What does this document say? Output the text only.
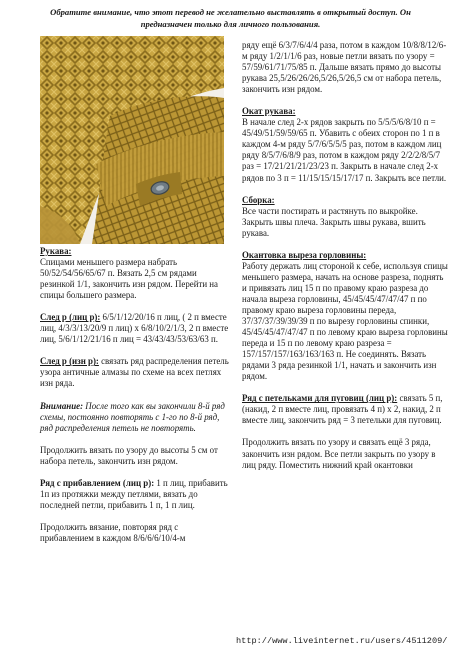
Обратите внимание, что этот перевод не желательно выставлять в открытый доступ. Он
предназначен только для личного пользования.

Рукава:

Спицами меньшего размера набрать 50/52/54/56/65/67 п. Вязать 2,5 см рядами резинкой 1/1, закончить изн рядом. Перейти на спицы большего размера.

След р (лиц р): 6/5/1/12/20/16 п лиц, ( 2 п вместе лиц, 4/3/3/13/20/9 п лиц) х 6/8/10/2/1/3, 2 п вместе лиц, 5/6/1/12/21/16 п лиц = 43/43/43/53/63/63 п.

След р (изн р): связать ряд распределения петель узора античные алмазы по схеме на всех петлях изн ряда.

Внимание: После того как вы закончили 8-й ряд схемы, постоянно повторять с 1-го по 8-й ряд, ряд распределения петель не повторять.

Продолжить вязать по узору до высоты 5 см от набора петель, закончить изн рядом.

Ряд с прибавлением (лиц р): 1 п лиц, прибавить 1п из протяжки между петлями, вязать до последней петли, прибавить 1 п, 1 п лиц.

Продолжить вязание, повторяя ряд с прибавлением в каждом 8/6/6/6/10/4-м

ряду ещё 6/3/7/6/4/4 раза, потом в каждом 10/8/8/12/6-м ряду 1/2/1/1/6 раз, новые петли вязать по узору = 57/59/61/71/75/85 п. Дальше вязать прямо до высоты рукава 25,5/26/26/26,5/26,5/26,5 см от набора петель, закончить изн рядом.

Окат рукава:

В начале след 2-х рядов закрыть по 5/5/5/6/8/10 п = 45/49/51/59/59/65 п. Убавить с обеих сторон по 1 п в каждом 4-м ряду 5/7/6/5/5/5 раз, потом в каждом лиц ряду 8/5/7/6/8/9 раз, потом в каждом ряду 2/2/2/8/5/7 раз = 17/21/21/21/23/23 п. Закрыть в начале след 2-х рядов по 3 п = 11/15/15/15/17/17 п. Закрыть все петли.

Сборка:

Все части постирать и растянуть по выкройке. Закрыть швы плеча. Закрыть швы рукава, вшить рукава.

Окантовка выреза горловины:

Работу держать лиц стороной к себе, используя спицы меньшего размера, начать на основе разреза, поднять и привязать лиц 15 п по правому краю разреза до начала выреза горловины, 45/45/45/47/47/47 п по правому краю выреза горловины переда, 37/37/37/39/39/39 п по вырезу горловины спинки, 45/45/45/47/47/47 п по левому краю выреза горловины переда и 15 п по левому краю разреза = 157/157/157/163/163/163 п. Не соединять. Вязать рядами 3 ряда резинкой 1/1, начать и закончить изн рядом.

Ряд с петельками для пуговиц (лиц р): связать 5 п, (накид, 2 п вместе лиц, провязать 4 п) х 2, накид, 2 п вместе лиц, закончить ряд = 3 петельки для пуговиц.

Продолжить вязать по узору и связать ещё 3 ряда, закончить изн рядом. Все петли закрыть по узору в лиц ряду. Поместить нижний край окантовки

http://www.liveinternet.ru/users/4511209/
